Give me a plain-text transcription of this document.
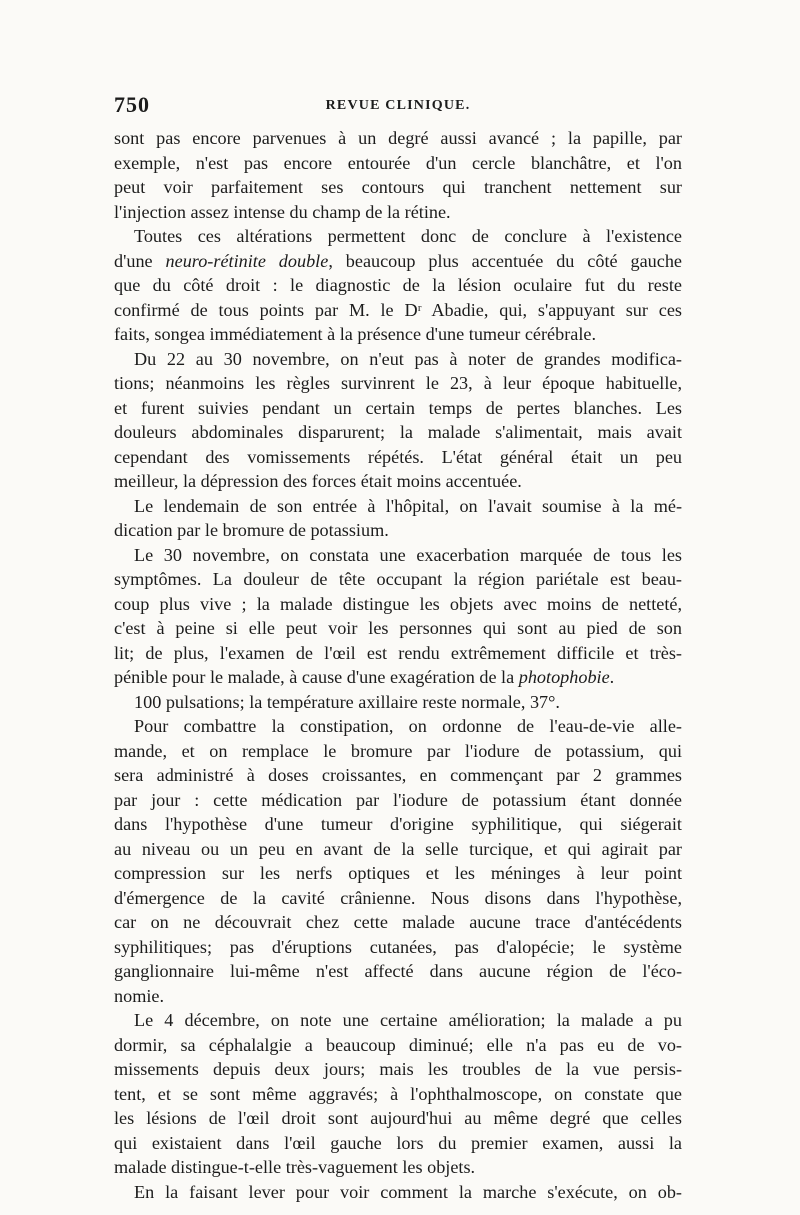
750	REVUE CLINIQUE.
sont pas encore parvenues à un degré aussi avancé ; la papille, par
exemple, n'est pas encore entourée d'un cercle blanchâtre, et l'on
peut voir parfaitement ses contours qui tranchent nettement sur
l'injection assez intense du champ de la rétine.
Toutes ces altérations permettent donc de conclure à l'existence
d'une neuro-rétinite double, beaucoup plus accentuée du côté gauche
que du côté droit : le diagnostic de la lésion oculaire fut du reste
confirmé de tous points par M. le Dʳ Abadie, qui, s'appuyant sur ces
faits, songea immédiatement à la présence d'une tumeur cérébrale.
Du 22 au 30 novembre, on n'eut pas à noter de grandes modifica-
tions; néanmoins les règles survinrent le 23, à leur époque habituelle,
et furent suivies pendant un certain temps de pertes blanches. Les
douleurs abdominales disparurent; la malade s'alimentait, mais avait
cependant des vomissements répétés. L'état général était un peu
meilleur, la dépression des forces était moins accentuée.
Le lendemain de son entrée à l'hôpital, on l'avait soumise à la mé-
dication par le bromure de potassium.
Le 30 novembre, on constata une exacerbation marquée de tous les
symptômes. La douleur de tête occupant la région pariétale est beau-
coup plus vive ; la malade distingue les objets avec moins de netteté,
c'est à peine si elle peut voir les personnes qui sont au pied de son
lit; de plus, l'examen de l'œil est rendu extrêmement difficile et très-
pénible pour le malade, à cause d'une exagération de la photophobie.
100 pulsations; la température axillaire reste normale, 37°.
Pour combattre la constipation, on ordonne de l'eau-de-vie alle-
mande, et on remplace le bromure par l'iodure de potassium, qui
sera administré à doses croissantes, en commençant par 2 grammes
par jour : cette médication par l'iodure de potassium étant donnée
dans l'hypothèse d'une tumeur d'origine syphilitique, qui siégerait
au niveau ou un peu en avant de la selle turcique, et qui agirait par
compression sur les nerfs optiques et les méninges à leur point
d'émergence de la cavité crânienne. Nous disons dans l'hypothèse,
car on ne découvrait chez cette malade aucune trace d'antécédents
syphilitiques; pas d'éruptions cutanées, pas d'alopécie; le système
ganglionnaire lui-même n'est affecté dans aucune région de l'éco-
nomie.
Le 4 décembre, on note une certaine amélioration; la malade a pu
dormir, sa céphalalgie a beaucoup diminué; elle n'a pas eu de vo-
missements depuis deux jours; mais les troubles de la vue persis-
tent, et se sont même aggravés; à l'ophthalmoscope, on constate que
les lésions de l'œil droit sont aujourd'hui au même degré que celles
qui existaient dans l'œil gauche lors du premier examen, aussi la
malade distingue-t-elle très-vaguement les objets.
En la faisant lever pour voir comment la marche s'exécute, on ob-
